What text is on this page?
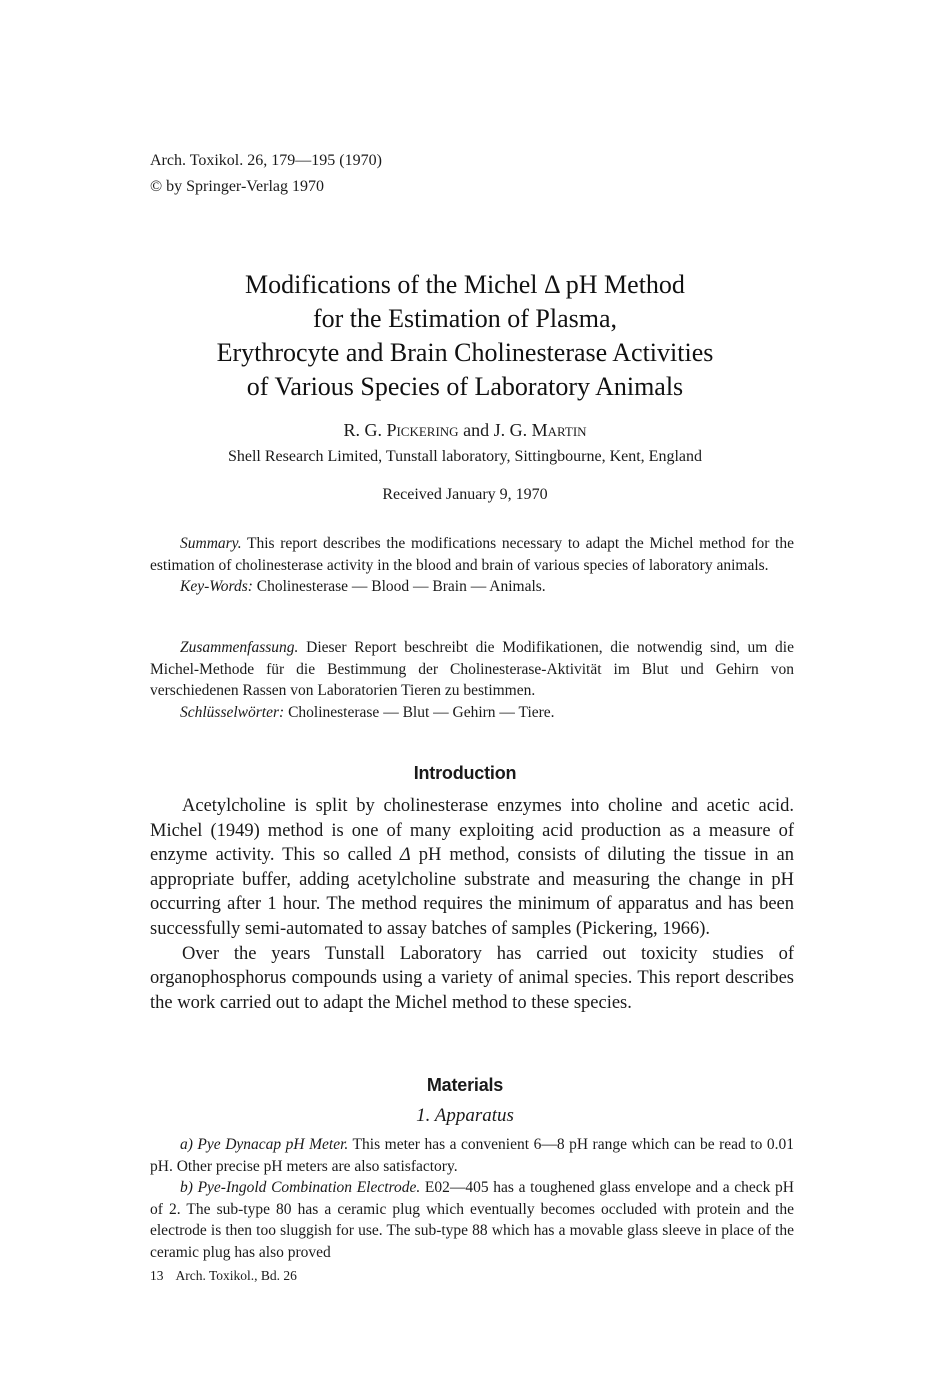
Arch. Toxikol. 26, 179—195 (1970)
© by Springer-Verlag 1970
Modifications of the Michel Δ pH Method
for the Estimation of Plasma,
Erythrocyte and Brain Cholinesterase Activities
of Various Species of Laboratory Animals
R. G. Pickering and J. G. Martin
Shell Research Limited, Tunstall laboratory, Sittingbourne, Kent, England
Received January 9, 1970

Summary. This report describes the modifications necessary to adapt the Michel method for the estimation of cholinesterase activity in the blood and brain of various species of laboratory animals.

Key-Words: Cholinesterase — Blood — Brain — Animals.

Zusammenfassung. Dieser Report beschreibt die Modifikationen, die notwendig sind, um die Michel-Methode für die Bestimmung der Cholinesterase-Aktivität im Blut und Gehirn von verschiedenen Rassen von Laboratorien Tieren zu bestimmen.

Schlüsselwörter: Cholinesterase — Blut — Gehirn — Tiere.

Introduction

Acetylcholine is split by cholinesterase enzymes into choline and acetic acid. Michel (1949) method is one of many exploiting acid production as a measure of enzyme activity. This so called Δ pH method, consists of diluting the tissue in an appropriate buffer, adding acetylcholine substrate and measuring the change in pH occurring after 1 hour. The method requires the minimum of apparatus and has been successfully semi-automated to assay batches of samples (Pickering, 1966).

Over the years Tunstall Laboratory has carried out toxicity studies of organophosphorus compounds using a variety of animal species. This report describes the work carried out to adapt the Michel method to these species.

Materials
1. Apparatus

a) Pye Dynacap pH Meter. This meter has a convenient 6—8 pH range which can be read to 0.01 pH. Other precise pH meters are also satisfactory.

b) Pye-Ingold Combination Electrode. E02—405 has a toughened glass envelope and a check pH of 2. The sub-type 80 has a ceramic plug which eventually becomes occluded with protein and the electrode is then too sluggish for use. The sub-type 88 which has a movable glass sleeve in place of the ceramic plug has also proved

13 Arch. Toxikol., Bd. 26
